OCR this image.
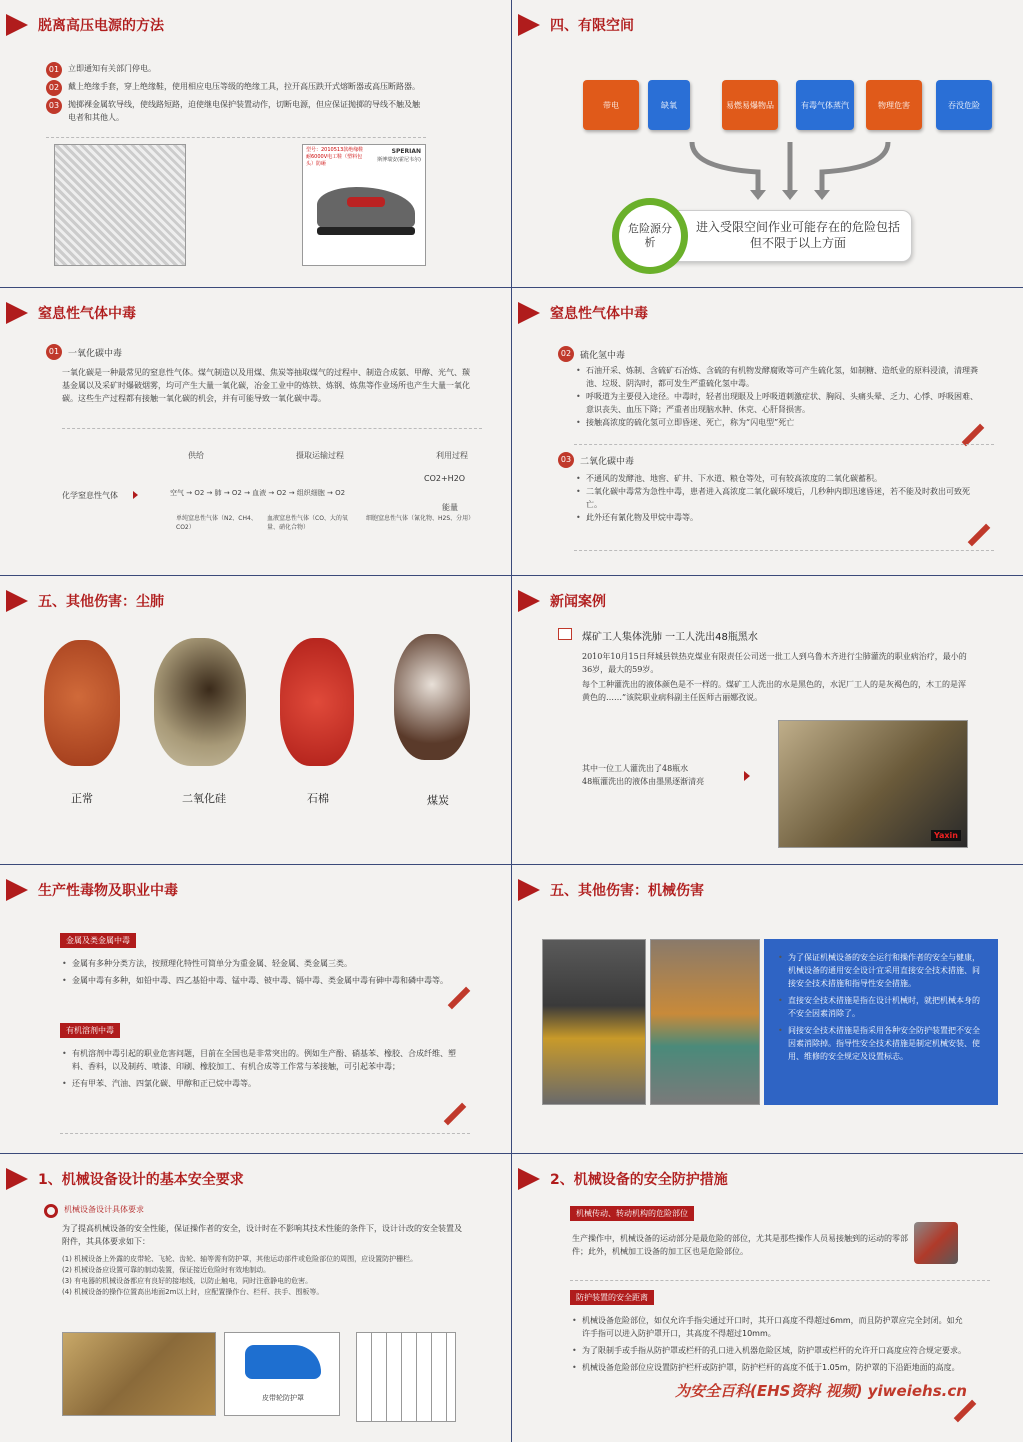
脱离高压电源的方法
01	立即通知有关部门停电。
02	戴上绝缘手套，穿上绝缘鞋，使用相应电压等级的绝缘工具，拉开高压跌开式熔断器或高压断路器。
03	抛掷裸金属软导线，使线路短路，迫使继电保护装置动作，切断电源，但应保证抛掷的导线不触及触电者和其他人。
型号：2010513款绝缘鞋耐6000V电工鞋（塑料包头）防砸
SPERIAN
斯博瑞安(霍尼韦尔)
四、有限空间
带电	缺氧	易燃易爆物品	有毒气体蒸汽	物理危害	吞没危险
进入受限空间作业可能存在的危险包括但不限于以上方面
危险源分析
窒息性气体中毒
01 一氧化碳中毒
一氧化碳是一种最常见的窒息性气体。煤气制造以及用煤、焦炭等抽取煤气的过程中、制造合成氨、甲醇、光气、羰基金属以及采矿时爆破烟雾，均可产生大量一氧化碳，冶金工业中的炼铁、炼钢、炼焦等作业场所也产生大量一氧化碳。这些生产过程都有接触一氧化碳的机会，并有可能导致一氧化碳中毒。
化学窒息性气体
供给	摄取运输过程	利用过程
空气 → O2 → 肺 → O2 → 血液 → O2 → 组织细胞 → O2
CO2+H2O
能量
单纯窒息性气体（N2、CH4、CO2）
血液窒息性气体（CO、大的氧量、硝化合物）
细胞窒息性气体（氰化物、H2S、分用）
窒息性气体中毒
02 硫化氢中毒
• 石油开采、炼制、含硫矿石冶炼、含硫的有机物发酵腐败等可产生硫化氢，如制糖、造纸业的原料浸渍，清理粪池、垃圾、阴沟时，都可发生严重硫化氢中毒。
• 呼吸道为主要侵入途径。中毒时，轻者出现眼及上呼吸道刺激症状、胸闷、头痛头晕、乏力、心悸、呼吸困难、意识丧失、血压下降；严重者出现脑水肿、休克、心肝肾损害。
• 接触高浓度的硫化氢可立即昏迷、死亡，称为“闪电型”死亡
03 二氧化碳中毒
• 不通风的发酵池、地窖、矿井、下水道、粮仓等处，可有较高浓度的二氧化碳蓄积。
• 二氧化碳中毒常为急性中毒，患者进入高浓度二氧化碳环境后，几秒种内即迅速昏迷，若不能及时救出可致死亡。
• 此外还有氰化物及甲烷中毒等。
五、其他伤害：尘肺
正常	二氧化硅	石棉	煤炭
新闻案例
煤矿工人集体洗肺 一工人洗出48瓶黑水
2010年10月15日拜城县铁热克煤业有限责任公司送一批工人到乌鲁木齐进行尘肺灌洗的职业病治疗，最小的36岁，最大的59岁。
每个工种灌洗出的液体颜色是不一样的。煤矿工人洗出的水是黑色的，水泥厂工人的是灰褐色的，木工的是浑黄色的……”该院职业病科副主任医师古丽娜孜说。
其中一位工人灌洗出了48瓶水
48瓶灌洗出的液体由墨黑逐渐清亮
Yaxin
生产性毒物及职业中毒
金属及类金属中毒
• 金属有多种分类方法，按照理化特性可简单分为重金属、轻金属、类金属三类。
• 金属中毒有多种，如铅中毒、四乙基铅中毒、锰中毒、铍中毒、镉中毒、类金属中毒有砷中毒和磷中毒等。
有机溶剂中毒
• 有机溶剂中毒引起的职业危害问题，目前在全国也是非常突出的。例如生产酚、硝基苯、橡胶、合成纤维、塑料、香料，以及制药、喷漆、印刷、橡胶加工、有机合成等工作常与苯接触，可引起苯中毒；
• 还有甲苯、汽油、四氯化碳、甲醇和正已烷中毒等。
五、其他伤害：机械伤害
• 为了保证机械设备的安全运行和操作者的安全与健康，机械设备的通用安全设计宜采用直接安全技术措施、间接安全技术措施和指导性安全措施。
• 直接安全技术措施是指在设计机械时，就把机械本身的不安全因素消除了。
• 间接安全技术措施是指采用各种安全防护装置把不安全因素消除掉。指导性安全技术措施是制定机械安装、使用、维修的安全规定及设置标志。
1、机械设备设计的基本安全要求
机械设备设计具体要求
为了提高机械设备的安全性能，保证操作者的安全，设计时在不影响其技术性能的条件下，设计计改的安全装置及附件，其具体要求如下：
(1) 机械设备上外露的皮带轮、飞轮、齿轮、轴等需有防护罩，其他运动部件或危险部位的周围，应设置防护栅栏。
(2) 机械设备应设置可靠的制动装置，保证接近危险时有效地制动。
(3) 有电器的机械设备都应有良好的接地线，以防止触电，同时注意静电的危害。
(4) 机械设备的操作位置高出地面2m以上时，应配置操作台、栏杆、扶手、围板等。
皮带轮防护罩
2、机械设备的安全防护措施
机械传动、转动机构的危险部位
生产操作中，机械设备的运动部分是最危险的部位，尤其是那些操作人员易接触到的运动的零部件；此外，机械加工设备的加工区也是危险部位。
防护装置的安全距离
• 机械设备危险部位，如仅允许手指尖通过开口时，其开口高度不得超过6mm，而且防护罩应完全封闭。如允许手指可以进入防护罩开口，其高度不得超过10mm。
• 为了限制手或手指从防护罩或栏杆的孔口进入机器危险区域，防护罩或栏杆的允许开口高度应符合规定要求。
• 机械设备危险部位应设置防护栏杆或防护罩，防护栏杆的高度不低于1.05m，防护罩的下沿距地面的高度。
为安全百科(EHS资料 视频) yiweiehs.cn
